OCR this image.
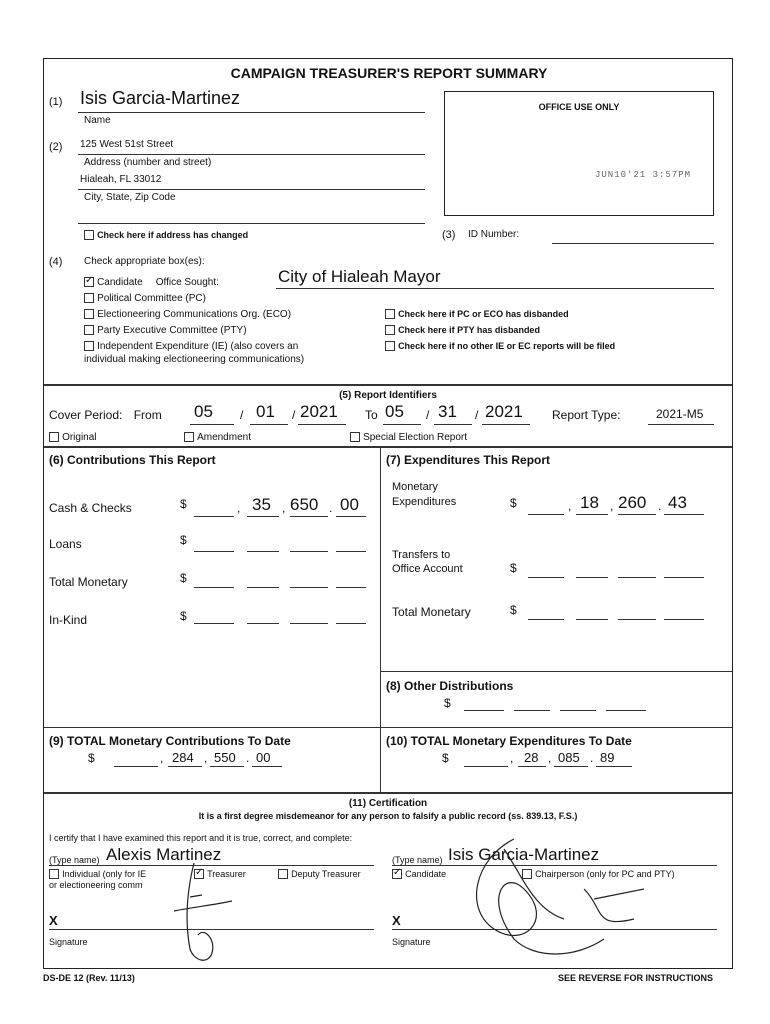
CAMPAIGN TREASURER'S REPORT SUMMARY
(1) Isis Garcia-Martinez
Name
(2) 125 West 51st Street
Address (number and street)
Hialeah, FL 33012
City, State, Zip Code
OFFICE USE ONLY
JUN10'21 3:57PM
Check here if address has changed	(3) ID Number:
(4) Check appropriate box(es):
✓ Candidate Office Sought:	City of Hialeah Mayor
Political Committee (PC)
Electioneering Communications Org. (ECO)
Party Executive Committee (PTY)
Independent Expenditure (IE) (also covers an
individual making electioneering communications)
Check here if PC or ECO has disbanded
Check here if PTY has disbanded
Check here if no other IE or EC reports will be filed
(5) Report Identifiers
Cover Period: From 05 / 01 / 2021 To 05 / 31 / 2021 Report Type:	2021-M5
Original	Amendment	Special Election Report
(6) Contributions This Report
Cash & Checks	$	, 35 , 650 . 00
Loans	$
Total Monetary	$
In-Kind	$
(7) Expenditures This Report
Monetary
Expenditures	$	, 18 , 260 . 43
Transfers to
Office Account	$
Total Monetary	$
(8) Other Distributions
$
(9) TOTAL Monetary Contributions To Date
$	, 284 , 550 . 00
(10) TOTAL Monetary Expenditures To Date
$	, 28 , 085 . 89
(11) Certification
It is a first degree misdemeanor for any person to falsify a public record (ss. 839.13, F.S.)
I certify that I have examined this report and it is true, correct, and complete:
(Type name) Alexis Martinez
Individual (only for IE
or electioneering comm
✓ Treasurer	Deputy Treasurer
X
Signature
(Type name) Isis Garcia-Martinez
✓ Candidate	Chairperson (only for PC and PTY)
X
Signature
DS-DE 12 (Rev. 11/13)	SEE REVERSE FOR INSTRUCTIONS
